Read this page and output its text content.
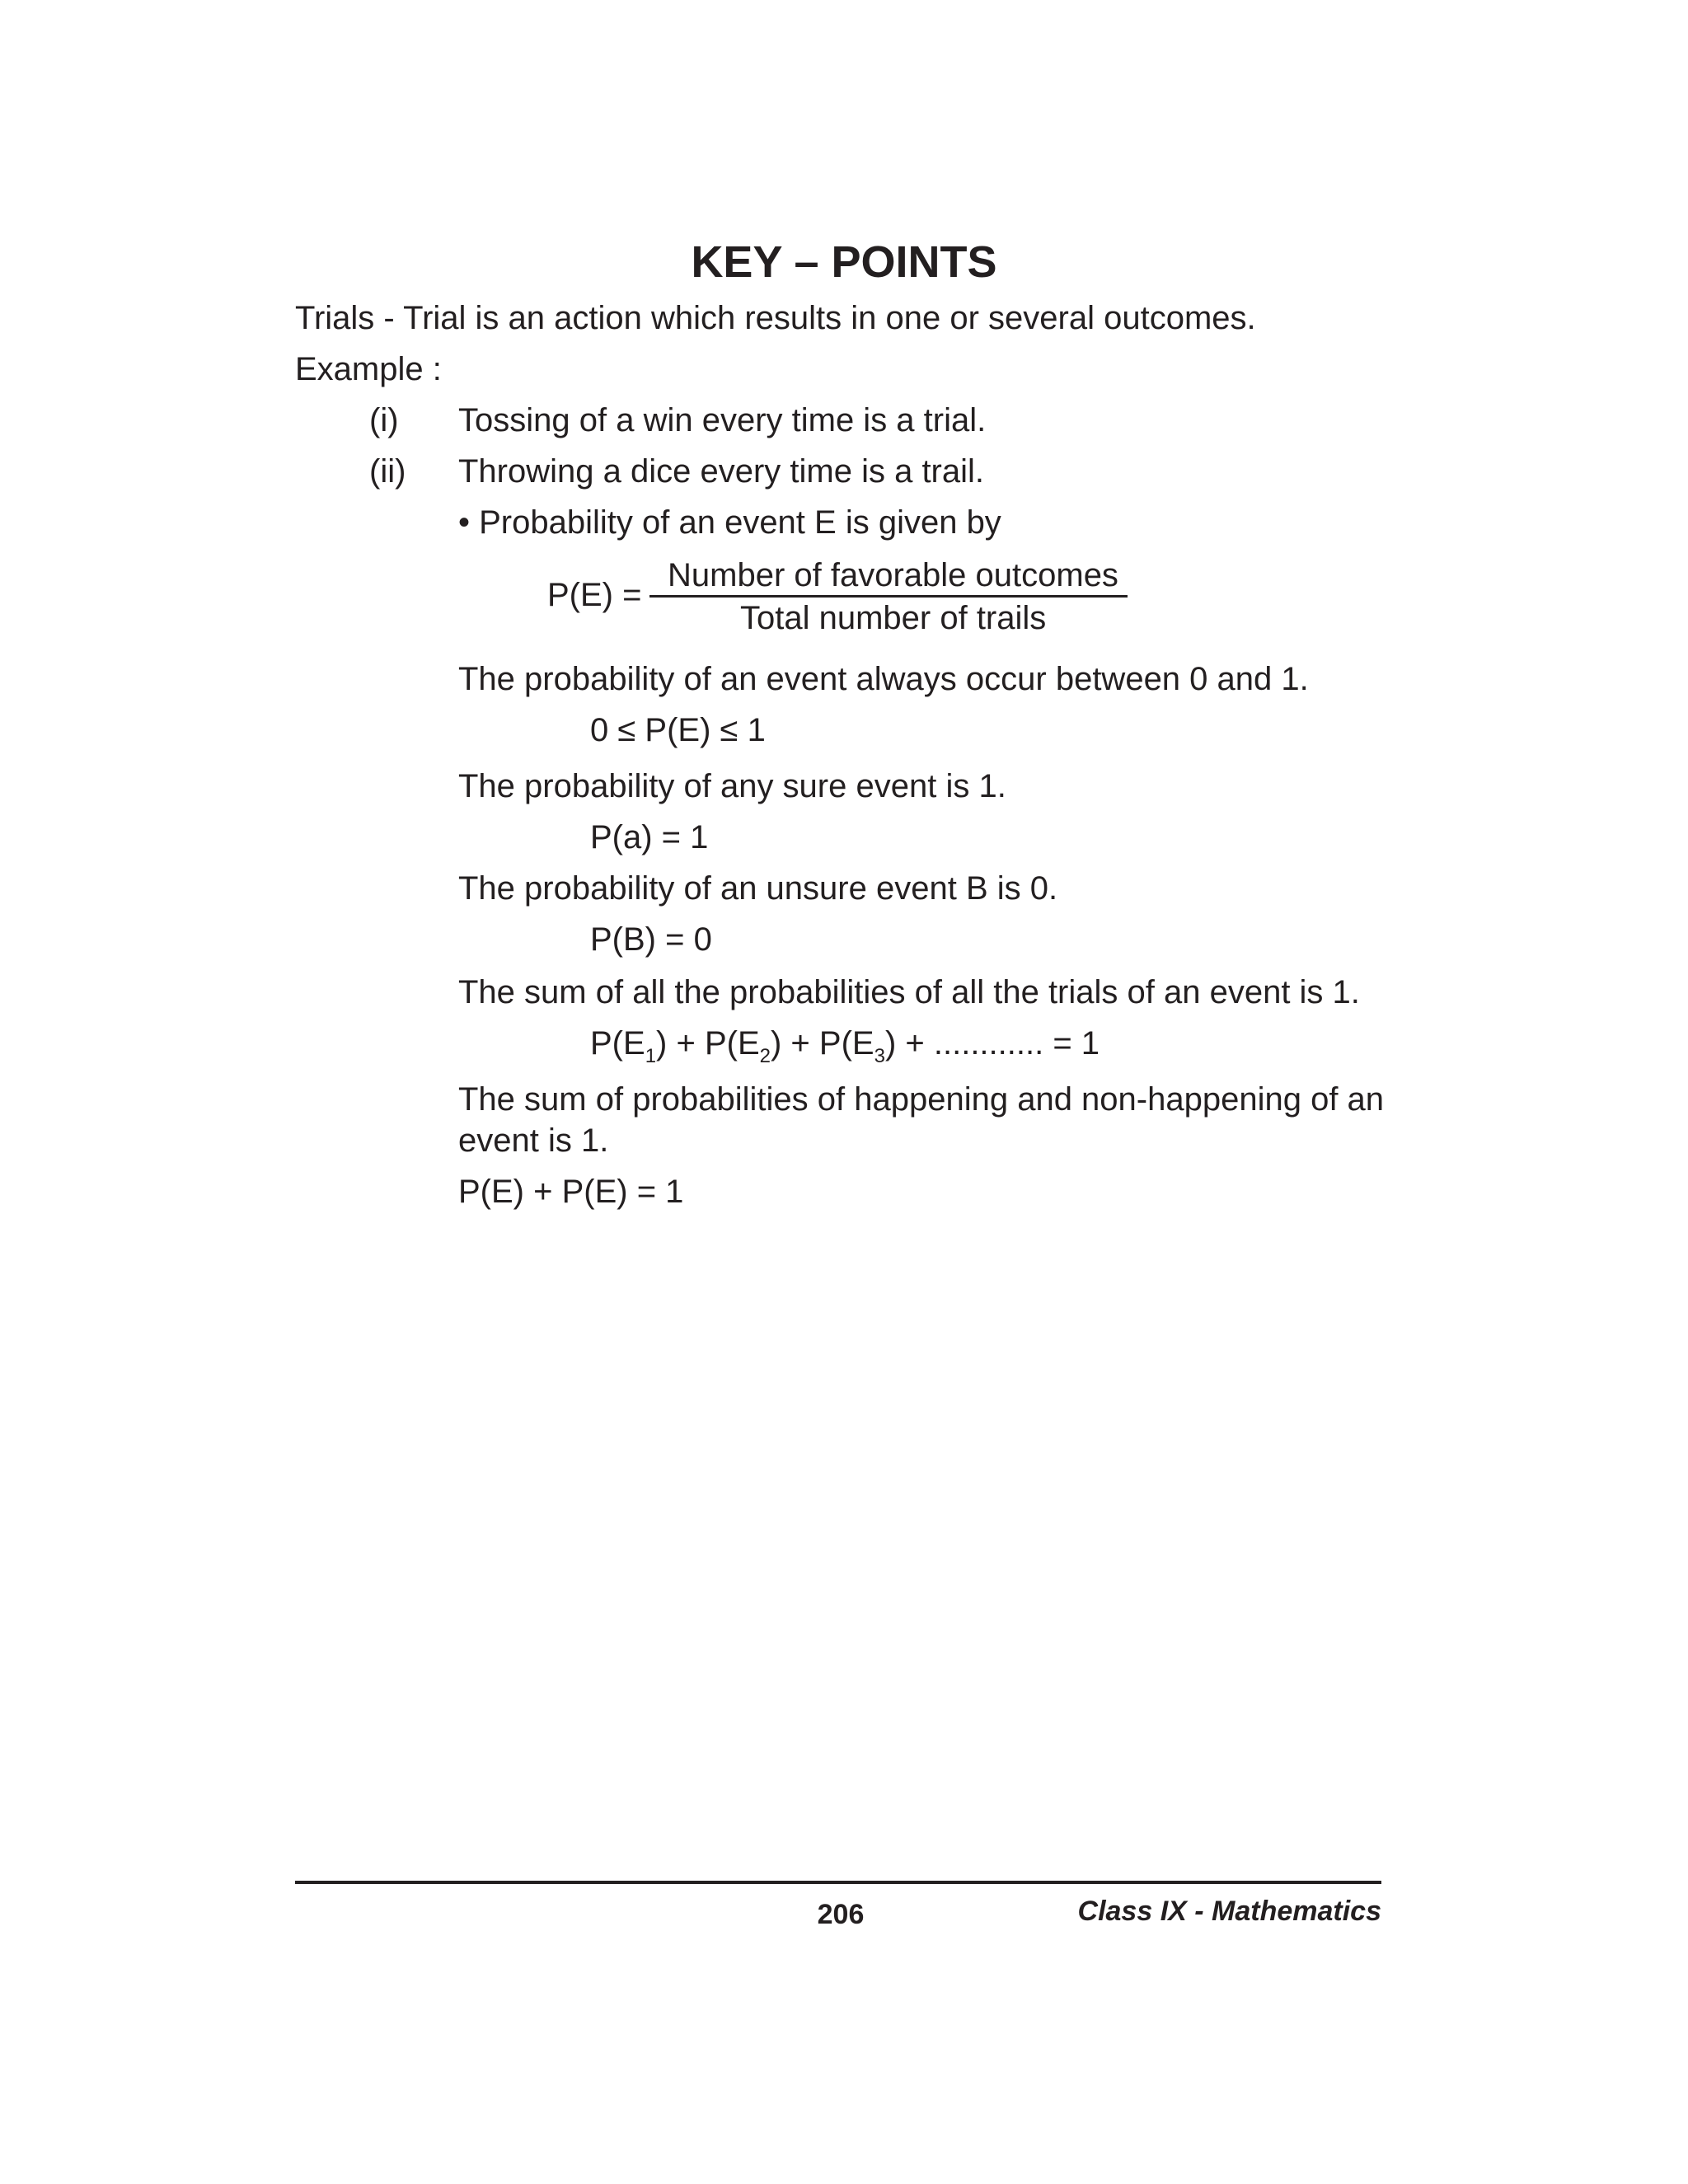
KEY – POINTS
Trials - Trial is an action which results in one or several outcomes.
Example :
(i) Tossing of a win every time is a trial.
(ii) Throwing a dice every time is a trail.
• Probability of an event E is given by
P(E) =
Number of favorable outcomes
Total number of trails
The probability of an event always occur between 0 and 1.
0 ≤ P(E) ≤ 1
The probability of any sure event is 1.
P(a) = 1
The probability of an unsure event B is 0.
P(B) = 0
The sum of all the probabilities of all the trials of an event is 1.
$P(E_1) + P(E_2) + P(E_3)$ + ............ = 1
The sum of probabilities of happening and non-happening of an
event is 1.
P(E) + P(E) = 1
206	Class IX - Mathematics
